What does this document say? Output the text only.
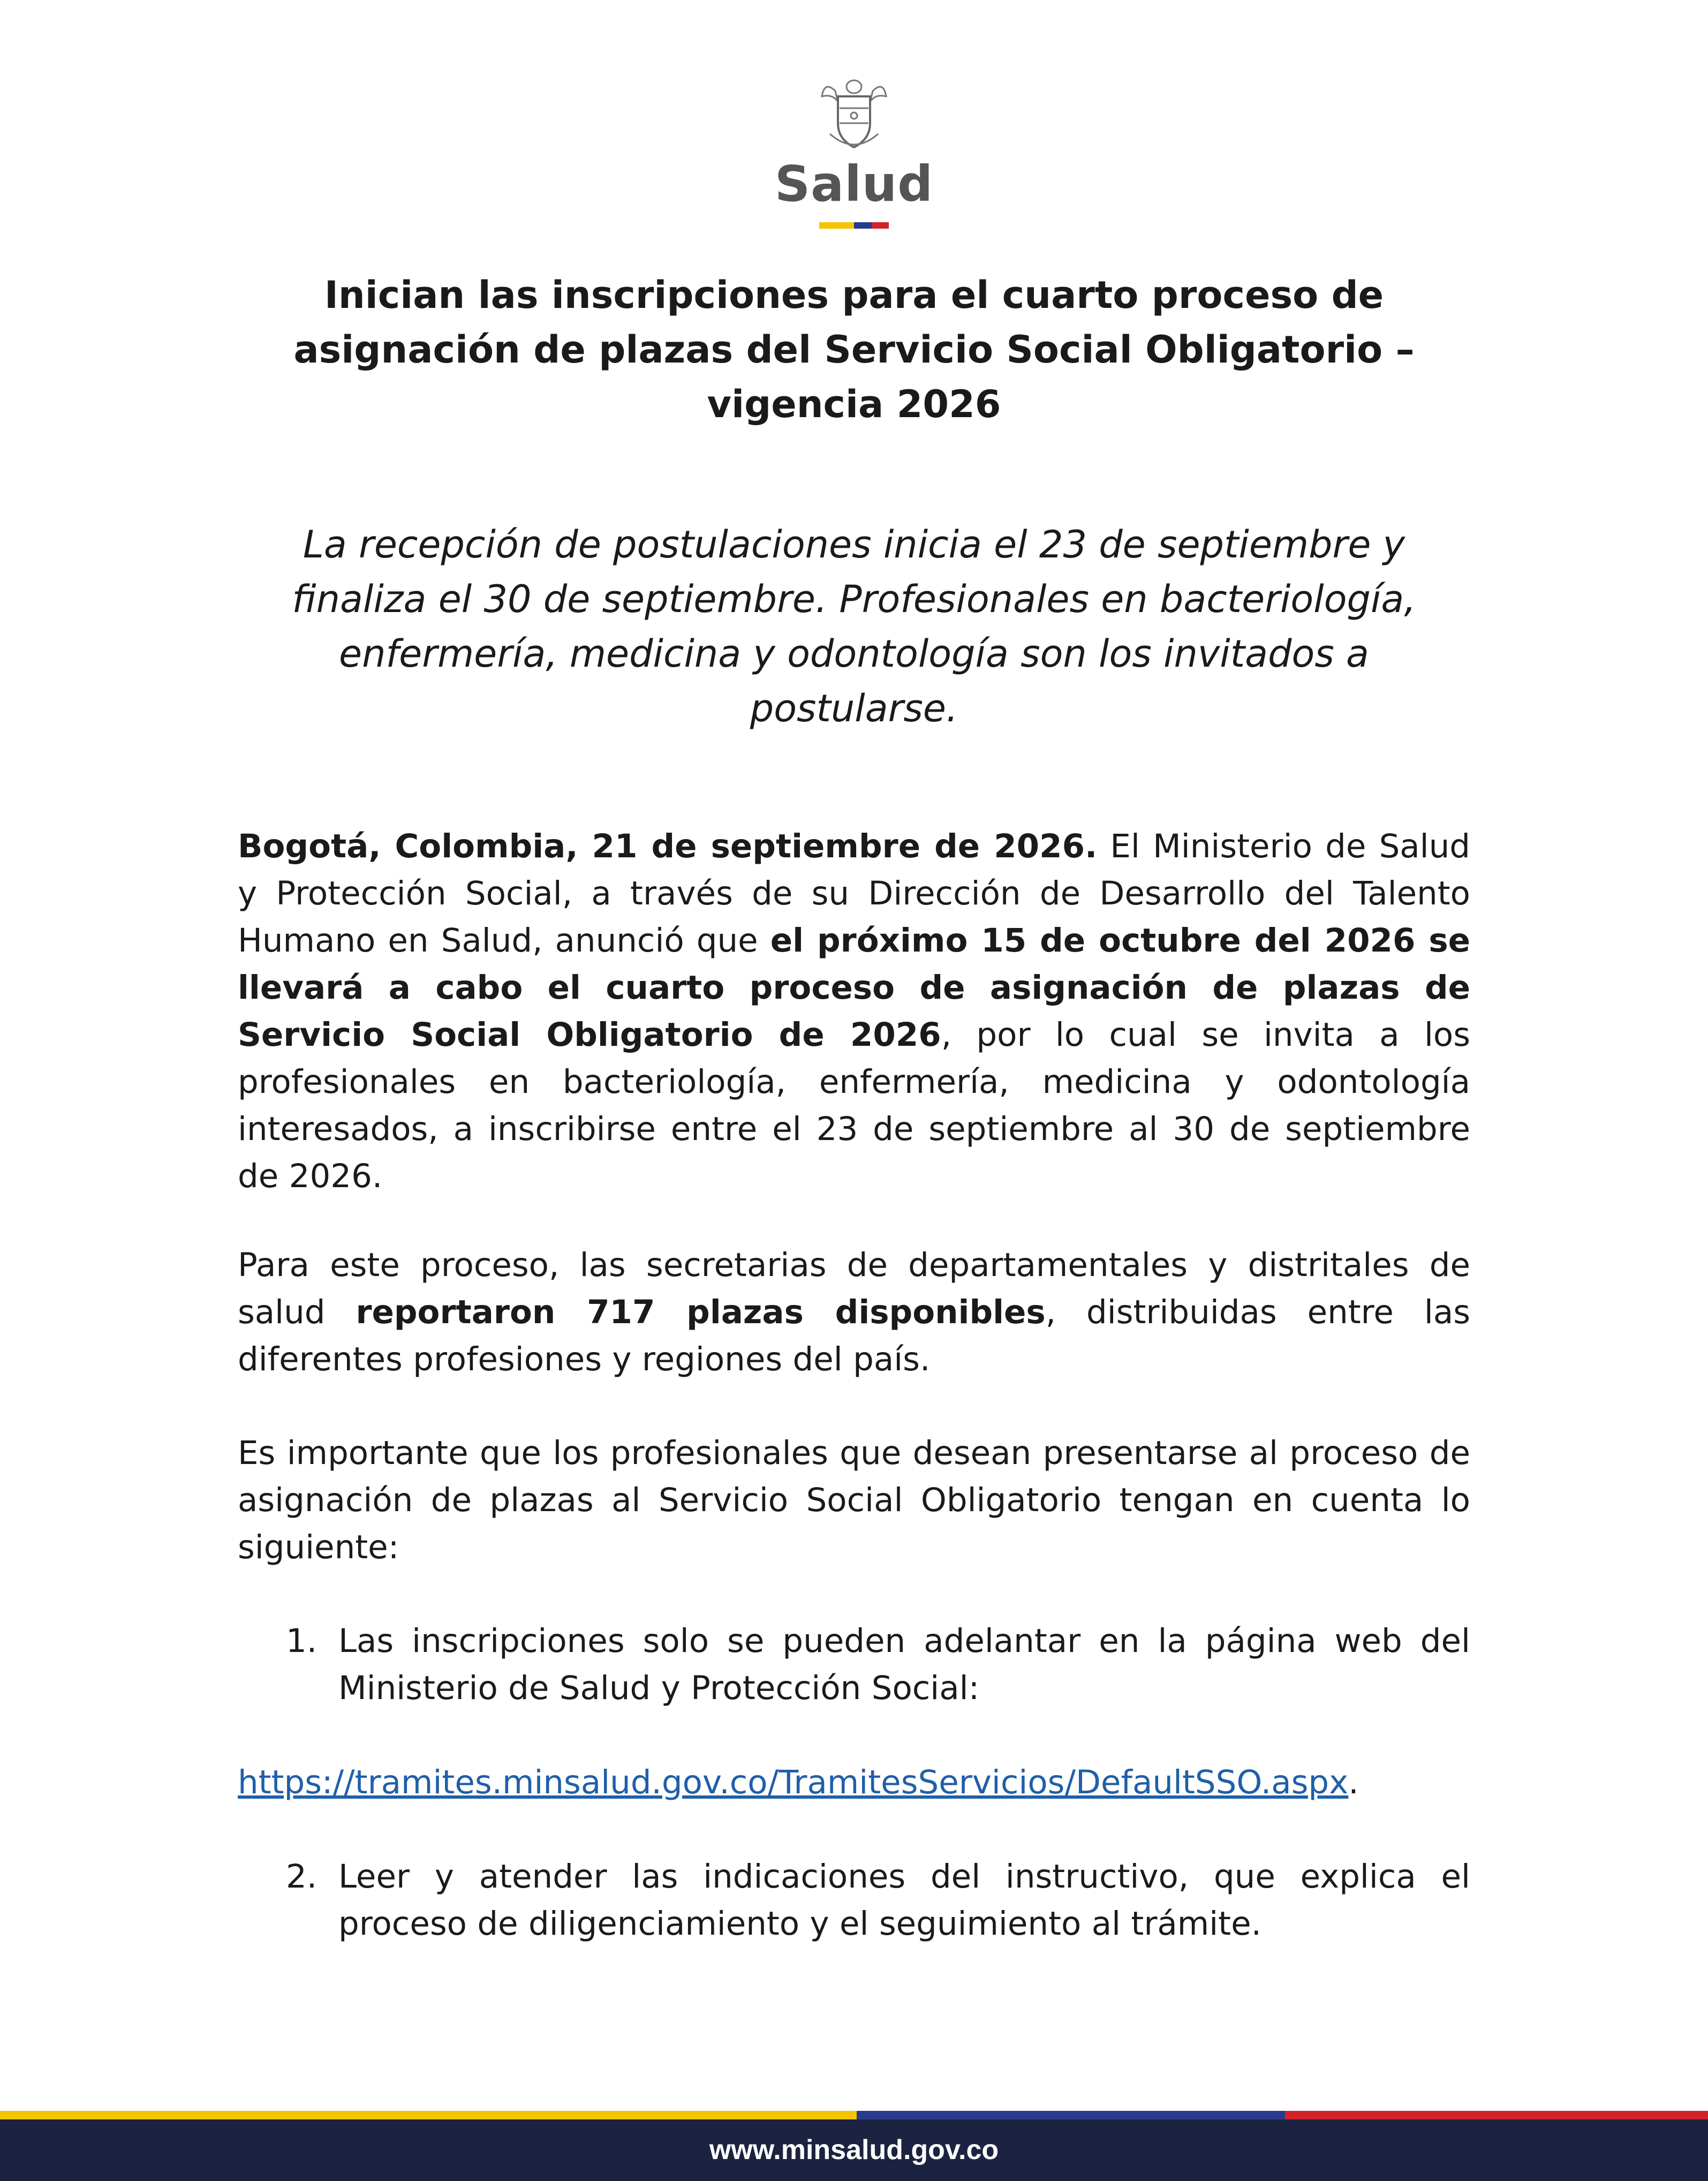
Salud
Inician las inscripciones para el cuarto proceso de
asignación de plazas del Servicio Social Obligatorio –
vigencia 2026

La recepción de postulaciones inicia el 23 de septiembre y
finaliza el 30 de septiembre. Profesionales en bacteriología,
enfermería, medicina y odontología son los invitados a
postularse.

Bogotá, Colombia, 21 de septiembre de 2026. El Ministerio de Salud y Protección Social, a través de su Dirección de Desarrollo del Talento Humano en Salud, anunció que el próximo 15 de octubre del 2026 se llevará a cabo el cuarto proceso de asignación de plazas de Servicio Social Obligatorio de 2026, por lo cual se invita a los profesionales en bacteriología, enfermería, medicina y odontología interesados, a inscribirse entre el 23 de septiembre al 30 de septiembre de 2026.

Para este proceso, las secretarias de departamentales y distritales de salud reportaron 717 plazas disponibles, distribuidas entre las diferentes profesiones y regiones del país.

Es importante que los profesionales que desean presentarse al proceso de asignación de plazas al Servicio Social Obligatorio tengan en cuenta lo siguiente:

1. Las inscripciones solo se pueden adelantar en la página web del Ministerio de Salud y Protección Social:

https://tramites.minsalud.gov.co/TramitesServicios/DefaultSSO.aspx.

2. Leer y atender las indicaciones del instructivo, que explica el proceso de diligenciamiento y el seguimiento al trámite.
www.minsalud.gov.co
